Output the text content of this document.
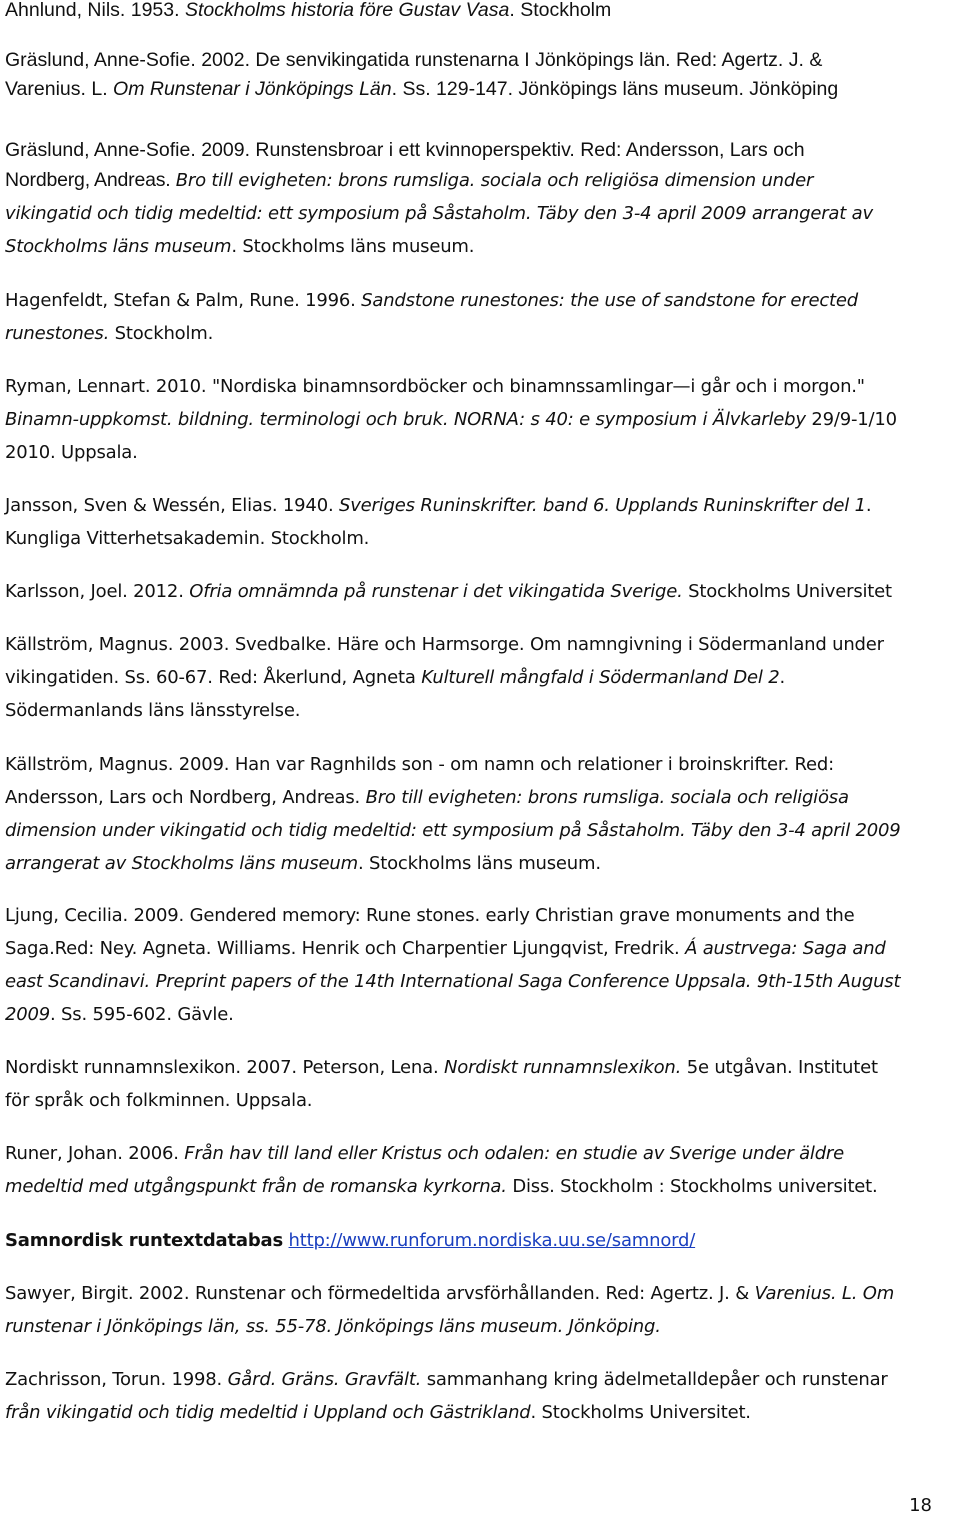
Ahnlund, Nils. 1953. Stockholms historia före Gustav Vasa. Stockholm

Gräslund, Anne-Sofie. 2002. De senvikingatida runstenarna I Jönköpings län. Red: Agertz. J. &
Varenius. L. Om Runstenar i Jönköpings Län. Ss. 129-147. Jönköpings läns museum. Jönköping

Gräslund, Anne-Sofie. 2009. Runstensbroar i ett kvinnoperspektiv. Red: Andersson, Lars och

Nordberg, Andreas. Bro till evigheten: brons rumsliga. sociala och religiösa dimension under
vikingatid och tidig medeltid: ett symposium på Såstaholm. Täby den 3-4 april 2009 arrangerat av
Stockholms läns museum. Stockholms läns museum.

Hagenfeldt, Stefan & Palm, Rune. 1996. Sandstone runestones: the use of sandstone for erected
runestones. Stockholm.

Ryman, Lennart. 2010. "Nordiska binamnsordböcker och binamnssamlingar—i går och i morgon."
Binamn-uppkomst. bildning. terminologi och bruk. NORNA: s 40: e symposium i Älvkarleby 29/9-1/10
2010. Uppsala.

Jansson, Sven & Wessén, Elias. 1940. Sveriges Runinskrifter. band 6. Upplands Runinskrifter del 1.
Kungliga Vitterhetsakademin. Stockholm.

Karlsson, Joel. 2012. Ofria omnämnda på runstenar i det vikingatida Sverige. Stockholms Universitet

Källström, Magnus. 2003. Svedbalke. Häre och Harmsorge. Om namngivning i Södermanland under
vikingatiden. Ss. 60-67. Red: Åkerlund, Agneta Kulturell mångfald i Södermanland Del 2.
Södermanlands läns länsstyrelse.

Källström, Magnus. 2009. Han var Ragnhilds son - om namn och relationer i broinskrifter. Red:
Andersson, Lars och Nordberg, Andreas. Bro till evigheten: brons rumsliga. sociala och religiösa
dimension under vikingatid och tidig medeltid: ett symposium på Såstaholm. Täby den 3-4 april 2009
arrangerat av Stockholms läns museum. Stockholms läns museum.

Ljung, Cecilia. 2009. Gendered memory: Rune stones. early Christian grave monuments and the
Saga.Red: Ney. Agneta. Williams. Henrik och Charpentier Ljungqvist, Fredrik. Á austrvega: Saga and
east Scandinavi. Preprint papers of the 14th International Saga Conference Uppsala. 9th-15th August
2009. Ss. 595-602. Gävle.

Nordiskt runnamnslexikon. 2007. Peterson, Lena. Nordiskt runnamnslexikon. 5e utgåvan. Institutet
för språk och folkminnen. Uppsala.

Runer, Johan. 2006. Från hav till land eller Kristus och odalen: en studie av Sverige under äldre
medeltid med utgångspunkt från de romanska kyrkorna. Diss. Stockholm : Stockholms universitet.

Samnordisk runtextdatabas http://www.runforum.nordiska.uu.se/samnord/

Sawyer, Birgit. 2002. Runstenar och förmedeltida arvsförhållanden. Red: Agertz. J. & Varenius. L. Om
runstenar i Jönköpings län, ss. 55-78. Jönköpings läns museum. Jönköping.

Zachrisson, Torun. 1998. Gård. Gräns. Gravfält. sammanhang kring ädelmetalldepåer och runstenar
från vikingatid och tidig medeltid i Uppland och Gästrikland. Stockholms Universitet.

18
